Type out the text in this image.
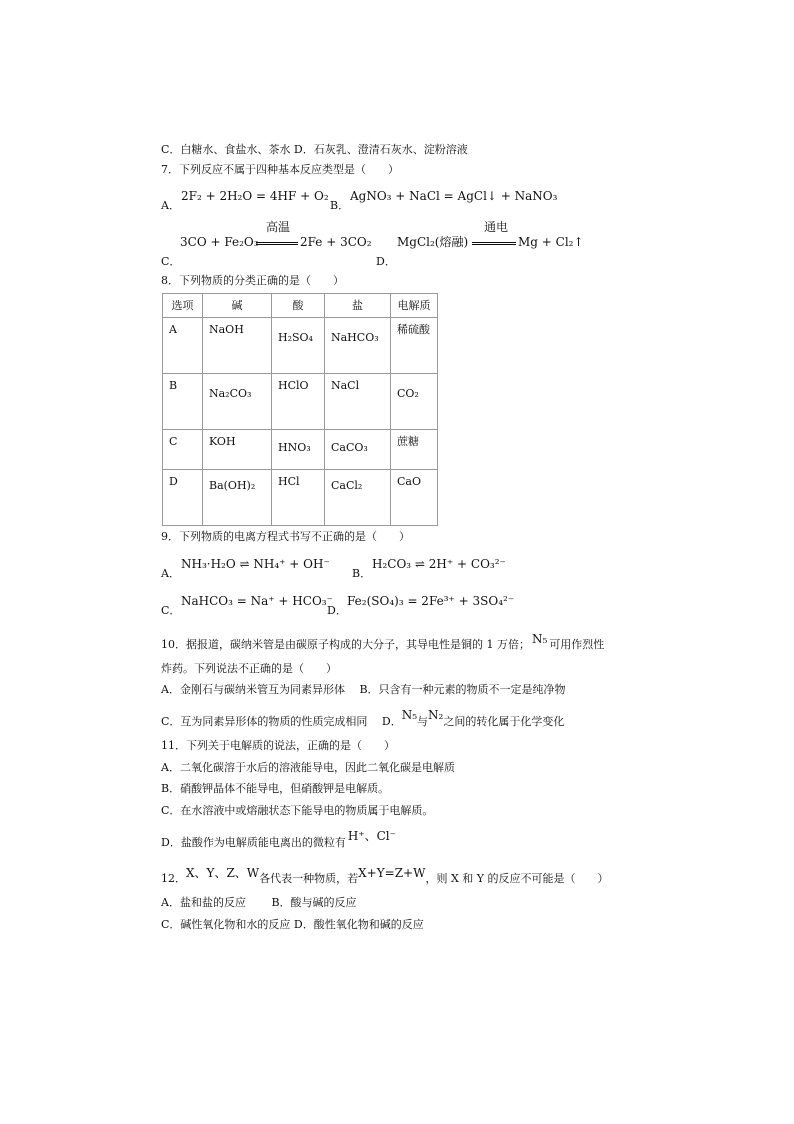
C．白糖水、食盐水、茶水 D．石灰乳、澄清石灰水、淀粉溶液
7．下列反应不属于四种基本反应类型是（　　）
A．
2F₂ + 2H₂O = 4HF + O₂
B．
AgNO₃ + NaCl = AgCl↓ + NaNO₃
3CO + Fe₂O₃
高温
2Fe + 3CO₂
C．
MgCl₂(熔融)
通电
Mg + Cl₂↑
D．
8．下列物质的分类正确的是（　　）
选项	碱	酸	盐	电解质
A	NaOH	H₂SO₄	NaHCO₃	稀硫酸
B	Na₂CO₃	HClO	NaCl	CO₂
C	KOH	HNO₃	CaCO₃	蔗糖
D	Ba(OH)₂	HCl	CaCl₂	CaO
9．下列物质的电离方程式书写不正确的是（　　）
A．
NH₃·H₂O ⇌ NH₄⁺ + OH⁻
B．
H₂CO₃ ⇌ 2H⁺ + CO₃²⁻
C．
NaHCO₃ = Na⁺ + HCO₃⁻
D．
Fe₂(SO₄)₃ = 2Fe³⁺ + 3SO₄²⁻
10．据报道，碳纳米管是由碳原子构成的大分子，其导电性是铜的 1 万倍； N₅ 可用作烈性
炸药。下列说法不正确的是（　　）
A．金刚石与碳纳米管互为同素异形体　 B．只含有一种元素的物质不一定是纯净物
C．互为同素异形体的物质的性质完成相同　 D．N₅与N₂之间的转化属于化学变化
11．下列关于电解质的说法，正确的是（　　）
A．二氧化碳溶于水后的溶液能导电，因此二氧化碳是电解质
B．硝酸钾晶体不能导电，但硝酸钾是电解质。
C．在水溶液中或熔融状态下能导电的物质属于电解质。
D．盐酸作为电解质能电离出的微粒有 H⁺、Cl⁻
12．X、Y、Z、W各代表一种物质，若X+Y=Z+W，则 X 和 Y 的反应不可能是（　　）
A．盐和盐的反应　　 B．酸与碱的反应
C．碱性氧化物和水的反应 D．酸性氧化物和碱的反应
